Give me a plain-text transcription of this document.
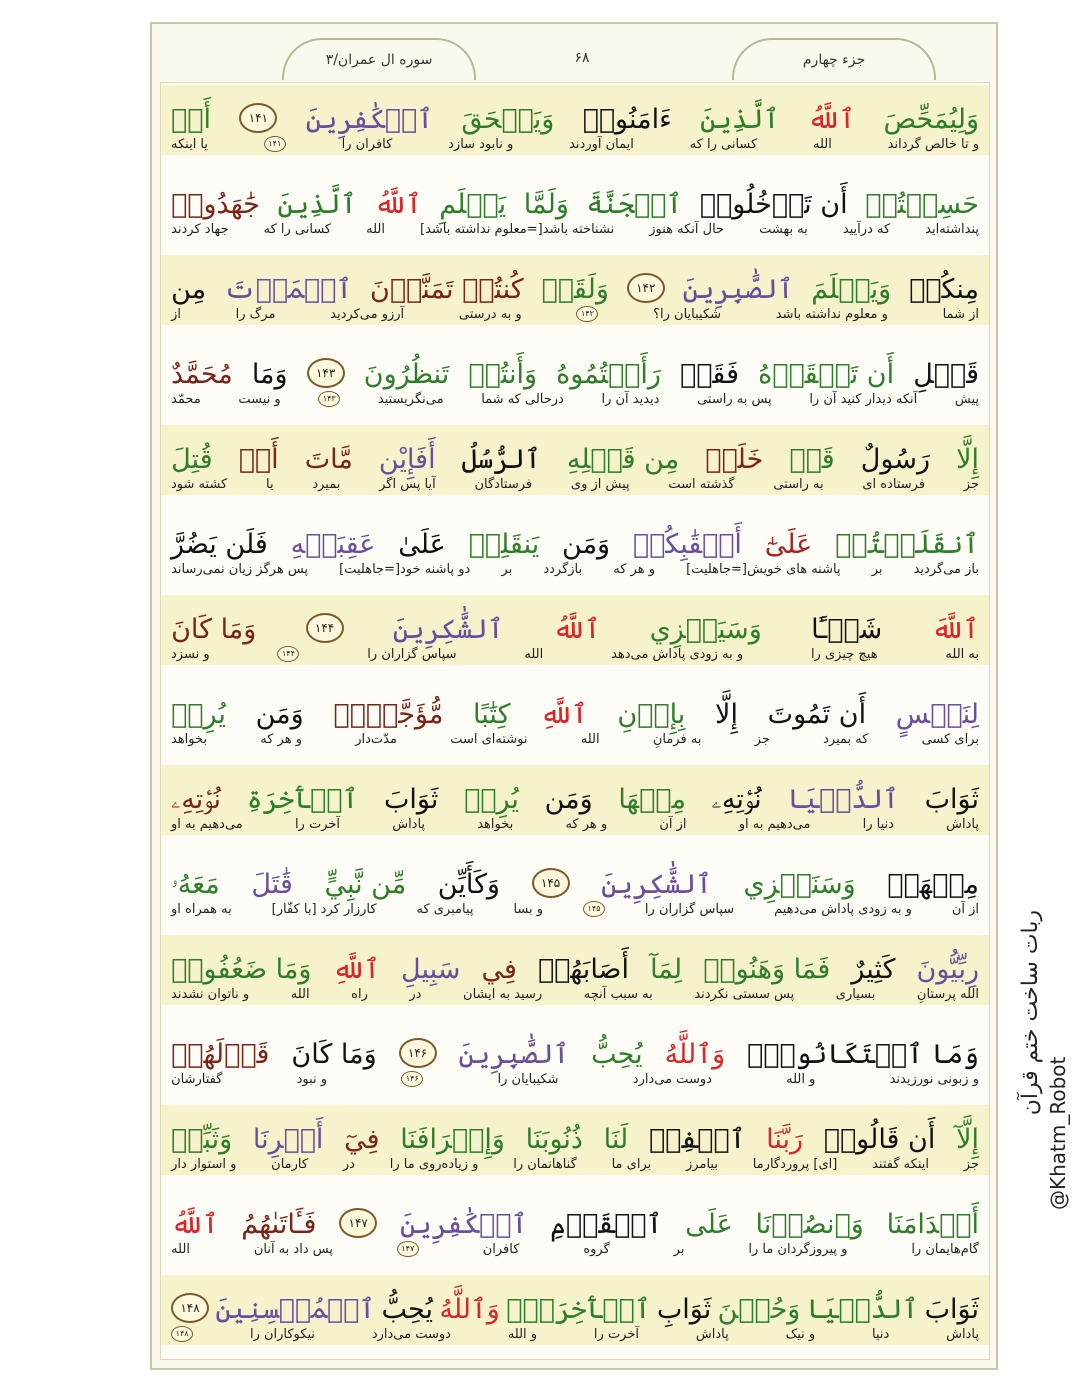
سوره ال عمران/۳	۶۸	جزء چهارم
وَلِيُمَحِّصَ
ٱللَّهُ
ٱلَّذِينَ
ءَامَنُوا۟
وَيَمۡحَقَ
ٱلۡكَٰفِرِينَ
۱۴۱
أَمۡ
و تا خالص گرداند
الله
کسانی را که
ایمان آوردند
و نابود سازد
کافران را
۱۴۱
یا اینکه
حَسِبۡتُمۡ
أَن تَدۡخُلُوا۟
ٱلۡجَنَّةَ
وَلَمَّا
يَعۡلَمِ
ٱللَّهُ
ٱلَّذِينَ
جَٰهَدُوا۟
پنداشته‌اید
که درآیید
به بهشت
حال آنکه هنوز
نشناخته باشد[=معلوم نداشته باشد]
الله
کسانی را که
جهاد کردند
مِنكُمۡ
وَيَعۡلَمَ
ٱلصَّٰبِرِينَ
۱۴۲
وَلَقَدۡ
كُنتُمۡ تَمَنَّوۡنَ
ٱلۡمَوۡتَ
مِن
از شما
و معلوم نداشته باشد
شکیبایان را؟
۱۴۲
و به درستی
آرزو می‌کردید
مرگ را
از
قَبۡلِ
أَن تَلۡقَوۡهُ
فَقَدۡ
رَأَيۡتُمُوهُ
وَأَنتُمۡ
تَنظُرُونَ
۱۴۳
وَمَا
مُحَمَّدٌ
پیش
آنکه دیدار کنید آن را
پس به راستی
دیدید آن را
درحالی که شما
می‌نگریستید
۱۴۳
و نیست
محمّد
إِلَّا
رَسُولٌ
قَدۡ
خَلَتۡ
مِن قَبۡلِهِ
ٱلرُّسُلُ
أَفَإِيْن
مَّاتَ
أَوۡ
قُتِلَ
جز
فرستاده ای
به راستی
گذشته است
پیش از وی
فرستادگان
آیا پس اگر
بمیرد
یا
کشته شود
ٱنقَلَبۡتُمۡ
عَلَىٰٓ
أَعۡقَٰبِكُمۡ
وَمَن
يَنقَلِبۡ
عَلَىٰ
عَقِبَيۡهِ
فَلَن يَضُرَّ
باز می‌گردید
بر
پاشنه های خویش[=جاهلیت]
و هر که
بازگردد
بر
دو پاشنه خود[=جاهلیت]
پس هرگز زیان نمی‌رساند
ٱللَّهَ
شَيۡـًٔا
وَسَيَجۡزِي
ٱللَّهُ
ٱلشَّٰكِرِينَ
۱۴۴
وَمَا كَانَ
به الله
هیچ چیزی را
و به زودی پاداش می‌دهد
الله
سپاس گزاران را
۱۴۴
و نسزد
لِنَفۡسٍ
أَن تَمُوتَ
إِلَّا
بِإِذۡنِ
ٱللَّهِ
كِتَٰبًا
مُّؤَجَّلًاۗ
وَمَن
يُرِدۡ
برای کسی
که بمیرد
جز
به فرمانِ
الله
نوشته‌ای است
مدّت‌دار
و هر که
بخواهد
ثَوَابَ
ٱلدُّنۡيَا
نُؤۡتِهِۦ
مِنۡهَا
وَمَن
يُرِدۡ
ثَوَابَ
ٱلۡأٓخِرَةِ
نُؤۡتِهِۦ
پاداش
دنیا را
می‌دهیم به او
از آن
و هر که
بخواهد
پاداش
آخرت را
می‌دهیم به او
مِنۡهَاۚ
وَسَنَجۡزِي
ٱلشَّٰكِرِينَ
۱۴۵
وَكَأَيِّن
مِّن نَّبِيٍّ
قَٰتَلَ
مَعَهُۥ
از آن
و به زودی پاداش می‌دهیم
سپاس گزاران را
۱۴۵
و بسا
پیامبری که
کارزار کرد [با کفّار]
به همراه او
رِبِّيُّونَ
كَثِيرٌ
فَمَا وَهَنُوا۟
لِمَآ
أَصَابَهُمۡ
فِي
سَبِيلِ
ٱللَّهِ
وَمَا ضَعُفُوا۟
الله پرستانِ
بسیاری
پس سستی نکردند
به سبب آنچه
رسید به ایشان
در
راه
الله
و ناتوان نشدند
وَمَا ٱسۡتَكَانُوا۟ۗ
وَٱللَّهُ
يُحِبُّ
ٱلصَّٰبِرِينَ
۱۴۶
وَمَا كَانَ
قَوۡلَهُمۡ
و زبونی نورزیدند
و الله
دوست می‌دارد
شکیبایان را
۱۴۶
و نبود
گفتارشان
إِلَّآ
أَن قَالُوا۟
رَبَّنَا
ٱغۡفِرۡ
لَنَا
ذُنُوبَنَا
وَإِسۡرَافَنَا
فِيٓ
أَمۡرِنَا
وَثَبِّتۡ
جز
اینکه گفتند
[ای] پروردگارما
بیامرز
برای ما
گناهانمان را
و زیاده‌روی ما را
در
کارمان
و استوار دار
أَقۡدَامَنَا
وَٱنصُرۡنَا
عَلَى
ٱلۡقَوۡمِ
ٱلۡكَٰفِرِينَ
۱۴۷
فَـَٔاتَىٰهُمُ
ٱللَّهُ
گام‌هایمان را
و پیروزگردان ما را
بر
گروه
کافران
۱۴۷
پس داد به آنان
الله
ثَوَابَ
ٱلدُّنۡيَا
وَحُسۡنَ
ثَوَابِ
ٱلۡأٓخِرَةِۗ
وَٱللَّهُ
يُحِبُّ
ٱلۡمُحۡسِنِينَ
۱۴۸
پاداش
دنیا
و نیک
پاداش
آخرت را
و الله
دوست می‌دارد
نیکوکاران را
۱۴۸
ربات ساخت ختم قرآن
@Khatm_Robot
